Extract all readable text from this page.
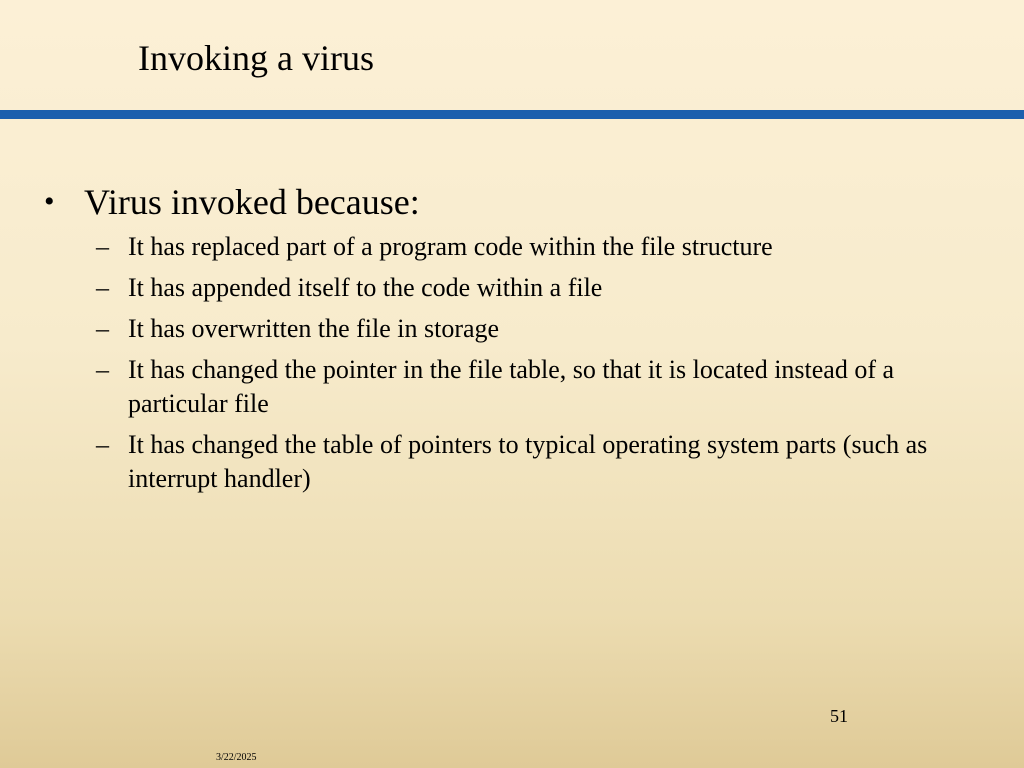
Invoking a virus
• Virus invoked because:
– It has replaced part of a program code within the file structure
– It has appended itself to the code within a file
– It has overwritten the file in storage
– It has changed the pointer in the file table, so that it is located instead of a particular file
– It has changed the table of pointers to typical operating system parts (such as interrupt handler)
51
3/22/2025
